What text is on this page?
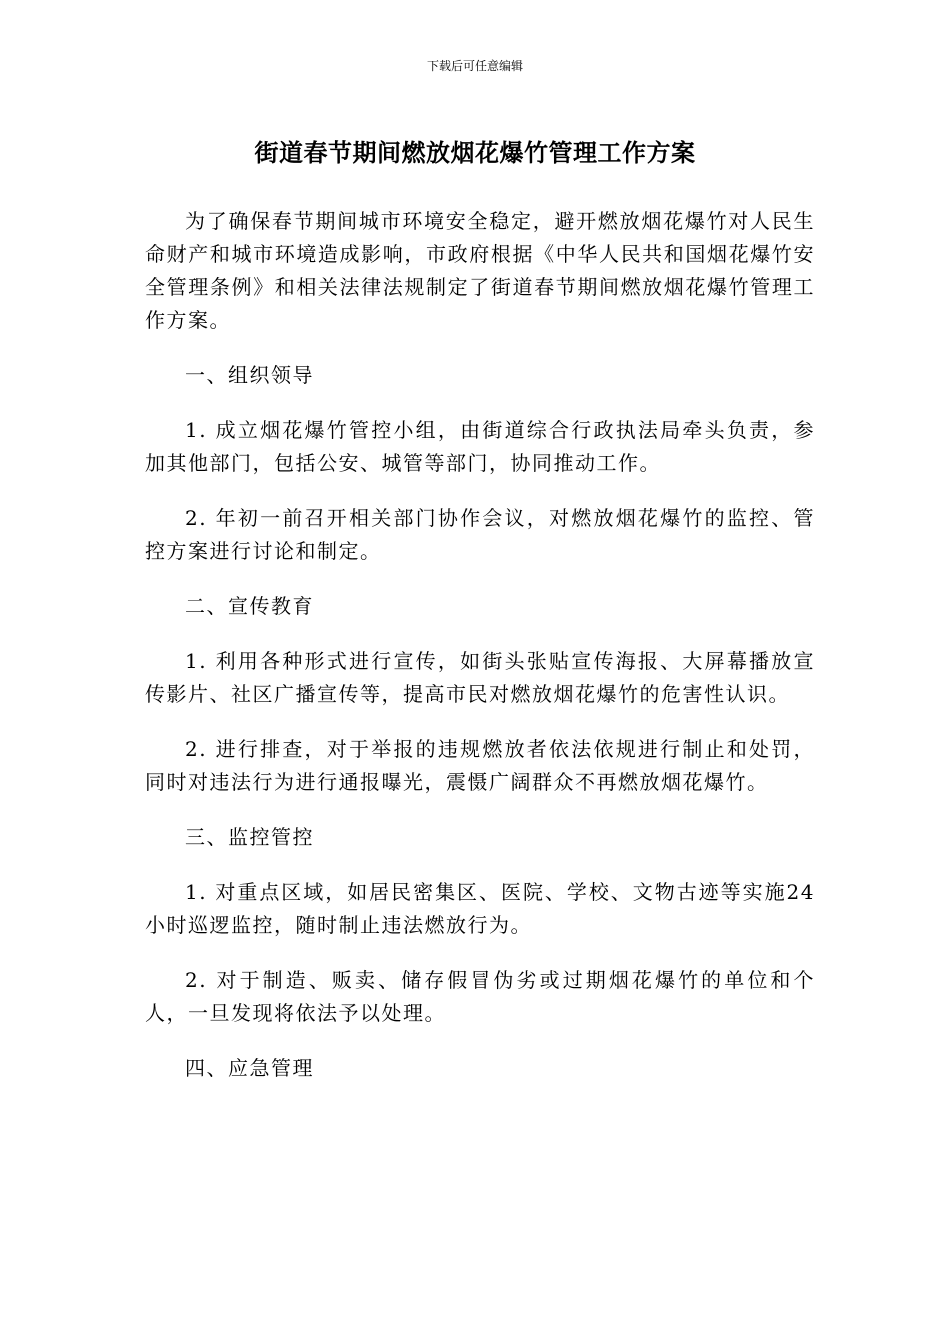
下载后可任意编辑
街道春节期间燃放烟花爆竹管理工作方案

为了确保春节期间城市环境安全稳定，避开燃放烟花爆竹对人民生命财产和城市环境造成影响，市政府根据《中华人民共和国烟花爆竹安全管理条例》和相关法律法规制定了街道春节期间燃放烟花爆竹管理工作方案。

一、组织领导

1. 成立烟花爆竹管控小组，由街道综合行政执法局牵头负责，参加其他部门，包括公安、城管等部门，协同推动工作。

2. 年初一前召开相关部门协作会议，对燃放烟花爆竹的监控、管控方案进行讨论和制定。

二、宣传教育

1. 利用各种形式进行宣传，如街头张贴宣传海报、大屏幕播放宣传影片、社区广播宣传等，提高市民对燃放烟花爆竹的危害性认识。

2. 进行排查，对于举报的违规燃放者依法依规进行制止和处罚，同时对违法行为进行通报曝光，震慑广阔群众不再燃放烟花爆竹。

三、监控管控

1. 对重点区域，如居民密集区、医院、学校、文物古迹等实施24小时巡逻监控，随时制止违法燃放行为。

2. 对于制造、贩卖、储存假冒伪劣或过期烟花爆竹的单位和个人，一旦发现将依法予以处理。

四、应急管理
